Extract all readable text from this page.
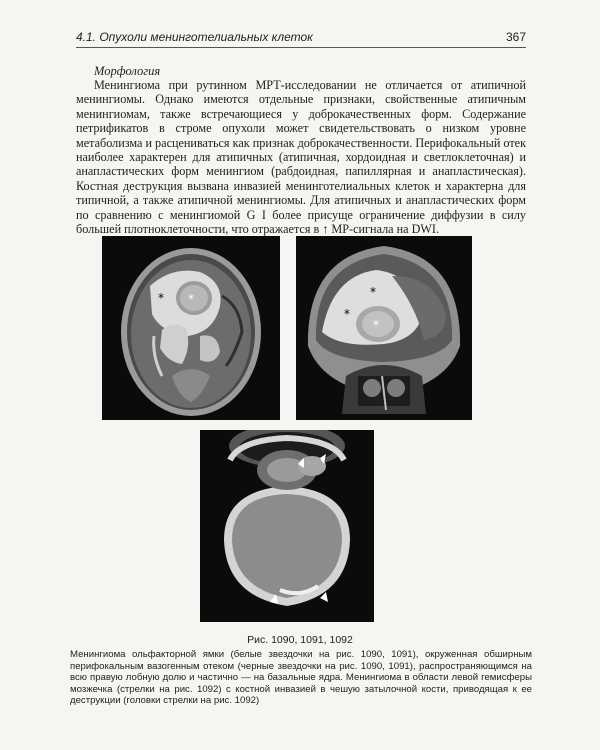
4.1. Опухоли менинготелиальных клеток	367
Морфология

Менингиома при рутинном МРТ-исследовании не отличается от атипичной менингиомы. Однако имеются отдельные признаки, свойственные атипичным менингиомам, также встречающиеся у доброкачественных форм. Содержание петрификатов в строме опухоли может свидетельствовать о низком уровне метаболизма и расцениваться как признак доброкачественности. Перифокальный отек наиболее характерен для атипичных (атипичная, хордоидная и светлоклеточная) и анапластических форм менингиом (рабдоидная, папиллярная и анапластическая). Костная деструкция вызвана инвазией менинготелиальных клеток и характерна для типичной, а также атипичной менингиомы. Для атипичных и анапластических форм по сравнению с менингиомой G I более присуще ограничение диффузии в силу большей плотноклеточности, что отражается в ↑ МР-сигнала на DWI.

*
*
*
*
*
Рис. 1090, 1091, 1092

Менингиома ольфакторной ямки (белые звездочки на рис. 1090, 1091), окруженная обширным перифокальным вазогенным отеком (черные звездочки на рис. 1090, 1091), распространяющимся на всю правую лобную долю и частично — на базальные ядра. Менингиома в области левой гемисферы мозжечка (стрелки на рис. 1092) с костной инвазией в чешую затылочной кости, приводящая к ее деструкции (головки стрелки на рис. 1092)
